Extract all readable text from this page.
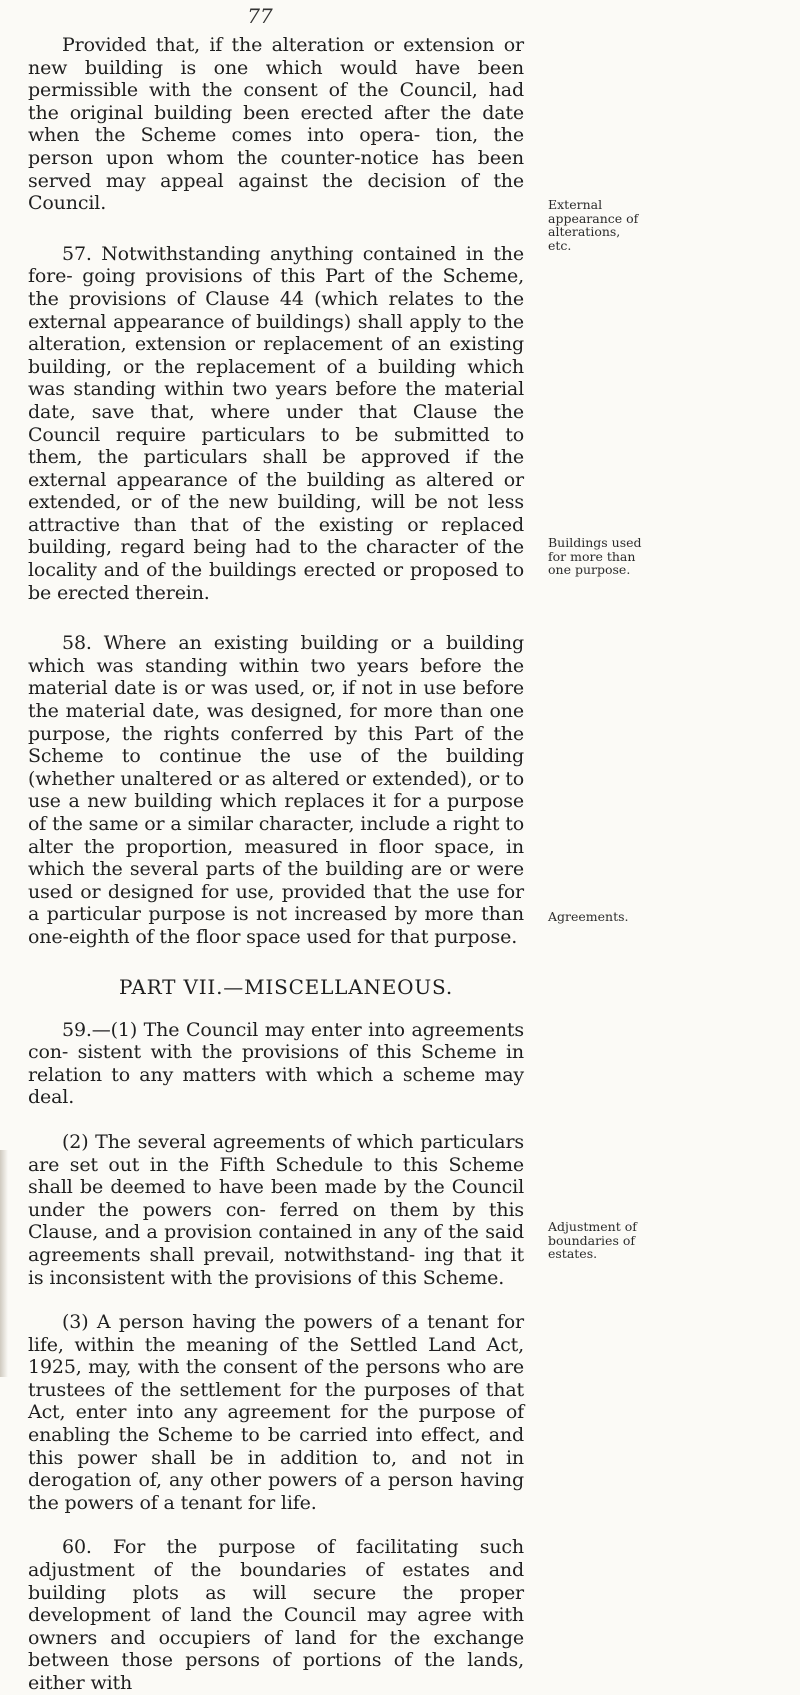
77

Provided that, if the alteration or extension or new building is one which would have been permissible with the consent of the Council, had the original building been erected after the date when the Scheme comes into opera- tion, the person upon whom the counter-notice has been served may appeal against the decision of the Council.

57. Notwithstanding anything contained in the fore- going provisions of this Part of the Scheme, the provisions of Clause 44 (which relates to the external appearance of buildings) shall apply to the alteration, extension or replacement of an existing building, or the replacement of a building which was standing within two years before the material date, save that, where under that Clause the Council require particulars to be submitted to them, the particulars shall be approved if the external appearance of the building as altered or extended, or of the new building, will be not less attractive than that of the existing or replaced building, regard being had to the character of the locality and of the buildings erected or proposed to be erected therein.

58. Where an existing building or a building which was standing within two years before the material date is or was used, or, if not in use before the material date, was designed, for more than one purpose, the rights conferred by this Part of the Scheme to continue the use of the building (whether unaltered or as altered or extended), or to use a new building which replaces it for a purpose of the same or a similar character, include a right to alter the proportion, measured in floor space, in which the several parts of the building are or were used or designed for use, provided that the use for a particular purpose is not increased by more than one-eighth of the floor space used for that purpose.

PART VII.—MISCELLANEOUS.

59.—(1) The Council may enter into agreements con- sistent with the provisions of this Scheme in relation to any matters with which a scheme may deal.

(2) The several agreements of which particulars are set out in the Fifth Schedule to this Scheme shall be deemed to have been made by the Council under the powers con- ferred on them by this Clause, and a provision contained in any of the said agreements shall prevail, notwithstand- ing that it is inconsistent with the provisions of this Scheme.

(3) A person having the powers of a tenant for life, within the meaning of the Settled Land Act, 1925, may, with the consent of the persons who are trustees of the settlement for the purposes of that Act, enter into any agreement for the purpose of enabling the Scheme to be carried into effect, and this power shall be in addition to, and not in derogation of, any other powers of a person having the powers of a tenant for life.

60. For the purpose of facilitating such adjustment of the boundaries of estates and building plots as will secure the proper development of land the Council may agree with owners and occupiers of land for the exchange between those persons of portions of the lands, either with

External appearance of alterations, etc.
Buildings used for more than one purpose.
Agreements.
Adjustment of boundaries of estates.
